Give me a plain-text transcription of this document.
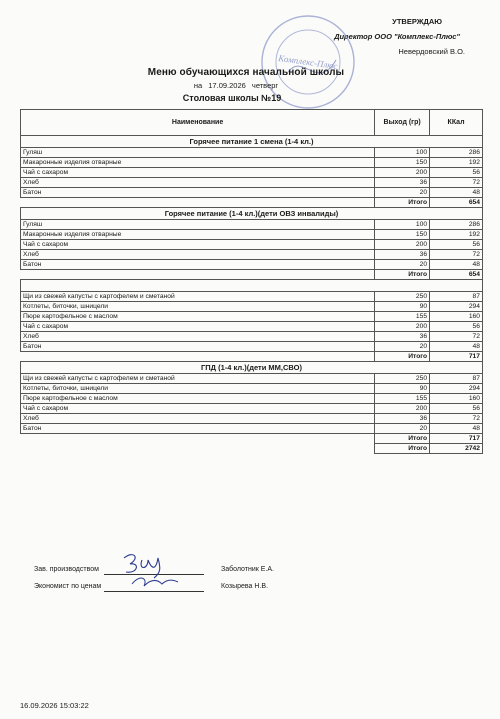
УТВЕРЖДАЮ
Директор ООО "Комплекс-Плюс"
Невердовский В.О.
Комплекс-Плюс
Меню обучающихся начальной школы
на 17.09.2026 четверг
Столовая школы №19
Наименование	Выход (гр)	ККал
Горячее питание 1 смена (1-4 кл.)		
Гуляш	100	286
Макаронные изделия отварные	150	192
Чай с сахаром	200	56
Хлеб	36	72
Батон	20	48
	Итого	654
Горячее питание (1-4 кл.)(дети ОВЗ инвалиды)		
Гуляш	100	286
Макаронные изделия отварные	150	192
Чай с сахаром	200	56
Хлеб	36	72
Батон	20	48
	Итого	654

Щи из свежей капусты с картофелем и сметаной	250	87
Котлеты, биточки, шницели	90	294
Пюре картофельное с маслом	155	160
Чай с сахаром	200	56
Хлеб	36	72
Батон	20	48
	Итого	717
ГПД (1-4 кл.)(дети ММ,СВО)		
Щи из свежей капусты с картофелем и сметаной	250	87
Котлеты, биточки, шницели	90	294
Пюре картофельное с маслом	155	160
Чай с сахаром	200	56
Хлеб	36	72
Батон	20	48
	Итого	717
	Итого	2742
Зав. производством	Заболотник Е.А.
Экономист по ценам	Козырева Н.В.
16.09.2026 15:03:22
